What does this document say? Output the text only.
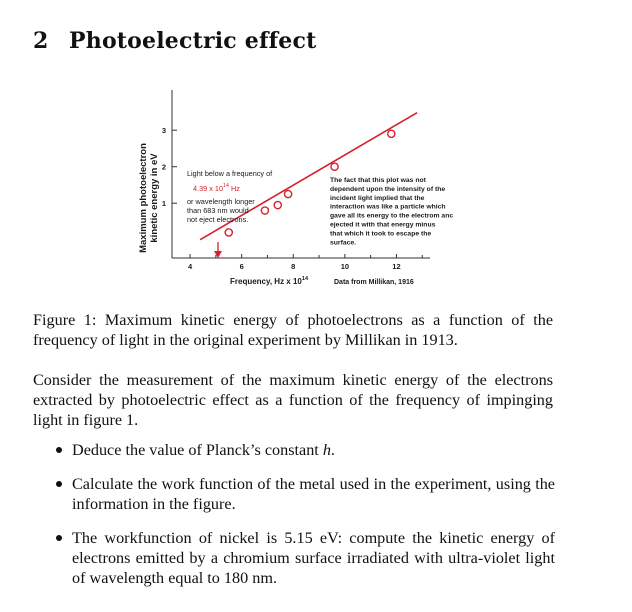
2 Photoelectric effect
Maximum photoelectron kinetic energy in eV 1
2
3
4	6	8	10	12
Light below a frequency of
4.39 x $10^{14}$ Hz
or wavelength longer
than 683 nm would
not eject electrons.
The fact that this plot was not
dependent upon the intensity of the
incident light implied that the
interaction was like a particle which
gave all its energy to the electrom anc
ejected it with that energy minus
that which it took to escape the
surface.
Frequency, Hz x $10^{14}$	Data from Millikan, 1916
Figure 1: Maximum kinetic energy of photoelectrons as a function of the frequency of light in the original experiment by Millikan in 1913.
Consider the measurement of the maximum kinetic energy of the electrons extracted by photoelectric effect as a function of the frequency of impinging light in figure 1.
Deduce the value of Planck’s constant h.
Calculate the work function of the metal used in the experiment, using the information in the figure.
The workfunction of nickel is 5.15 eV: compute the kinetic energy of electrons emitted by a chromium surface irradiated with ultra-violet light of wavelength equal to 180 nm.
